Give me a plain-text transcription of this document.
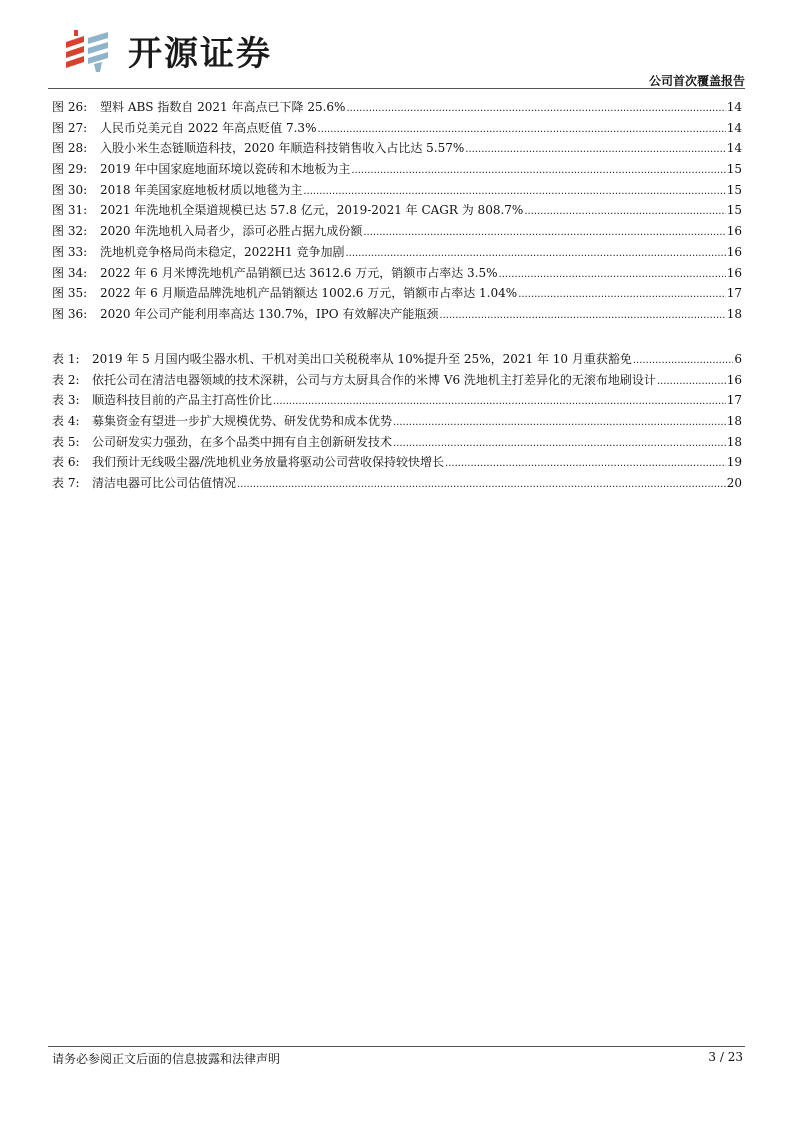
开源证券
公司首次覆盖报告
图 26:	塑料 ABS 指数自 2021 年高点已下降 25.6% .....	14
图 27:	人民币兑美元自 2022 年高点贬值 7.3% .....	14
图 28:	入股小米生态链顺造科技，2020 年顺造科技销售收入占比达 5.57% .....	14
图 29:	2019 年中国家庭地面环境以瓷砖和木地板为主 .....	15
图 30:	2018 年美国家庭地板材质以地毯为主 .....	15
图 31:	2021 年洗地机全渠道规模已达 57.8 亿元，2019-2021 年 CAGR 为 808.7% .....	15
图 32:	2020 年洗地机入局者少，添可必胜占据九成份额 .....	16
图 33:	洗地机竞争格局尚未稳定，2022H1 竞争加剧 .....	16
图 34:	2022 年 6 月米博洗地机产品销额已达 3612.6 万元，销额市占率达 3.5% .....	16
图 35:	2022 年 6 月顺造品牌洗地机产品销额达 1002.6 万元，销额市占率达 1.04% .....	17
图 36:	2020 年公司产能利用率高达 130.7%，IPO 有效解决产能瓶颈 .....	18
表 1:	2019 年 5 月国内吸尘器水机、干机对美出口关税税率从 10%提升至 25%，2021 年 10 月重获豁免 .....	6
表 2:	依托公司在清洁电器领域的技术深耕，公司与方太厨具合作的米博 V6 洗地机主打差异化的无滚布地刷设计 .....	16
表 3:	顺造科技目前的产品主打高性价比 .....	17
表 4:	募集资金有望进一步扩大规模优势、研发优势和成本优势 .....	18
表 5:	公司研发实力强劲，在多个品类中拥有自主创新研发技术 .....	18
表 6:	我们预计无线吸尘器/洗地机业务放量将驱动公司营收保持较快增长 .....	19
表 7:	清洁电器可比公司估值情况 .....	20
请务必参阅正文后面的信息披露和法律声明	3 / 23
